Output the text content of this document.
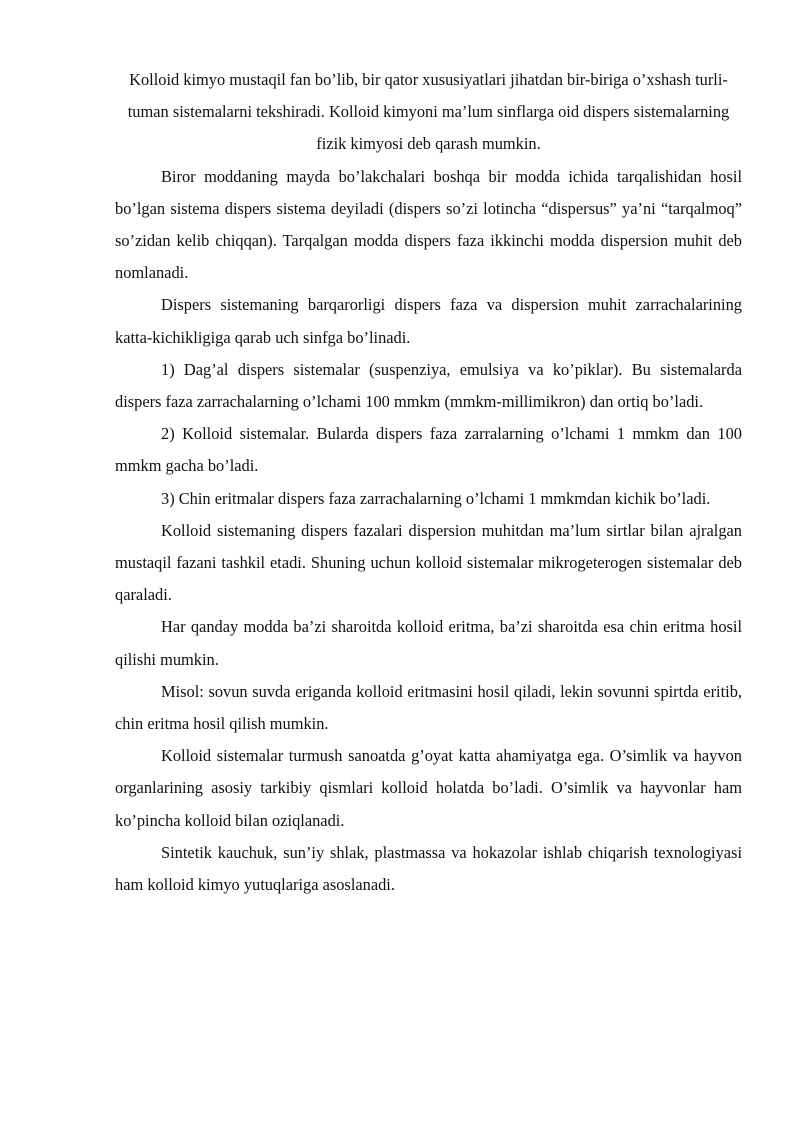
Kolloid kimyo mustaqil fan bo’lib, bir qator xususiyatlari jihatdan bir-biriga o’xshash turli-tuman sistemalarni tekshiradi. Kolloid kimyoni ma’lum sinflarga oid dispers sistemalarning fizik kimyosi deb qarash mumkin.

Biror moddaning mayda bo’lakchalari boshqa bir modda ichida tarqalishidan hosil bo’lgan sistema dispers sistema deyiladi (dispers so’zi lotincha “dispersus” ya’ni “tarqalmoq” so’zidan kelib chiqqan). Tarqalgan modda dispers faza ikkinchi modda dispersion muhit deb nomlanadi.

Dispers sistemaning barqarorligi dispers faza va dispersion muhit zarrachalarining katta-kichikligiga qarab uch sinfga bo’linadi.

1) Dag’al dispers sistemalar (suspenziya, emulsiya va ko’piklar). Bu sistemalarda dispers faza zarrachalarning o’lchami 100 mmkm (mmkm-millimikron) dan ortiq bo’ladi.

2) Kolloid sistemalar. Bularda dispers faza zarralarning o’lchami 1 mmkm dan 100 mmkm gacha bo’ladi.

3) Chin eritmalar dispers faza zarrachalarning o’lchami 1 mmkmdan kichik bo’ladi.

Kolloid sistemaning dispers fazalari dispersion muhitdan ma’lum sirtlar bilan ajralgan mustaqil fazani tashkil etadi. Shuning uchun kolloid sistemalar mikrogeterogen sistemalar deb qaraladi.

Har qanday modda ba’zi sharoitda kolloid eritma, ba’zi sharoitda esa chin eritma hosil qilishi mumkin.

Misol: sovun suvda eriganda kolloid eritmasini hosil qiladi, lekin sovunni spirtda eritib, chin eritma hosil qilish mumkin.

Kolloid sistemalar turmush sanoatda g’oyat katta ahamiyatga ega. O’simlik va hayvon organlarining asosiy tarkibiy qismlari kolloid holatda bo’ladi. O’simlik va hayvonlar ham ko’pincha kolloid bilan oziqlanadi.

Sintetik kauchuk, sun’iy shlak, plastmassa va hokazolar ishlab chiqarish texnologiyasi ham kolloid kimyo yutuqlariga asoslanadi.
